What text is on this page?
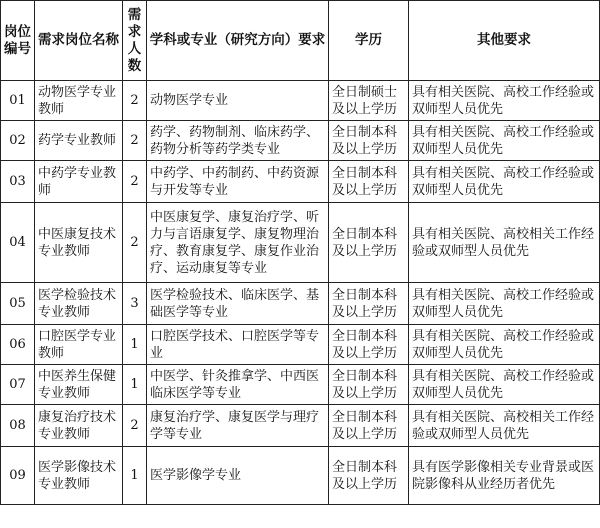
岗位编号	需求岗位名称	需求人数	学科或专业（研究方向）要求	学历	其他要求
01	动物医学专业教师	2	动物医学专业	全日制硕士及以上学历	具有相关医院、高校工作经验或双师型人员优先
02	药学专业教师	2	药学、药物制剂、临床药学、药物分析等药学类专业	全日制本科及以上学历	具有相关医院、高校工作经验或双师型人员优先
03	中药学专业教师	2	中药学、中药制药、中药资源与开发等专业	全日制本科及以上学历	具有相关医院、高校工作经验或双师型人员优先
04	中医康复技术专业教师	2	中医康复学、康复治疗学、听力与言语康复学、康复物理治疗、教育康复学、康复作业治疗、运动康复等专业	全日制本科及以上学历	具有相关医院、高校相关工作经验或双师型人员优先
05	医学检验技术专业教师	3	医学检验技术、临床医学、基础医学等专业	全日制本科及以上学历	具有相关医院、高校工作经验或双师型人员优先
06	口腔医学专业教师	1	口腔医学技术、口腔医学等专业	全日制本科及以上学历	具有相关医院、高校工作经验或双师型人员优先
07	中医养生保健专业教师	1	中医学、针灸推拿学、中西医临床医学等专业	全日制本科及以上学历	具有相关医院、高校工作经验或双师型人员优先
08	康复治疗技术专业教师	2	康复治疗学、康复医学与理疗学等专业	全日制本科及以上学历	具有相关医院、高校相关工作经验或双师型人员优先
09	医学影像技术专业教师	1	医学影像学专业	全日制本科及以上学历	具有医学影像相关专业背景或医院影像科从业经历者优先
